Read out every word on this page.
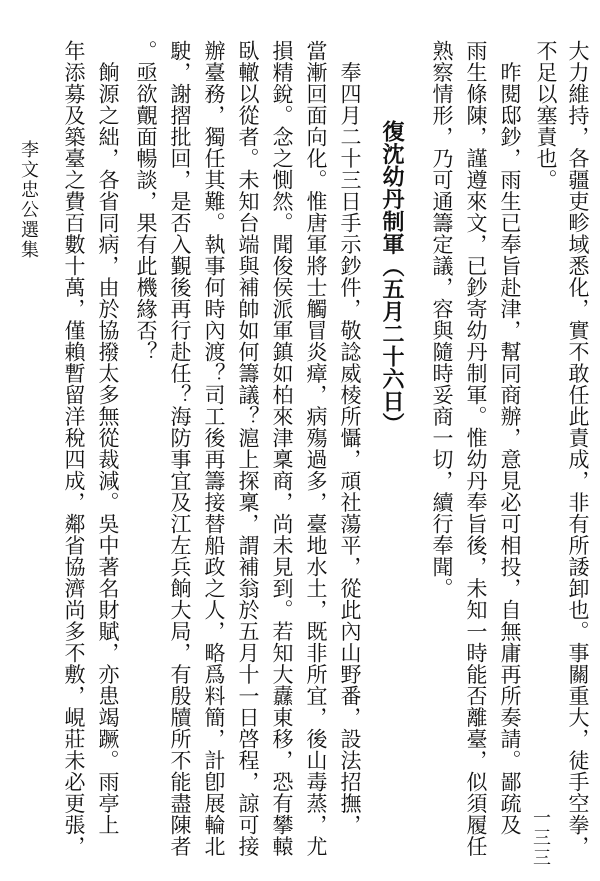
大力維持，各疆吏畛域悉化，實不敢任此責成，非有所諉卸也。事關重大，徒手空拳，
不足以塞責也。
　昨閱邸鈔，雨生已奉旨赴津，幫同商辦，意見必可相投，自無庸再所奏請。鄙疏及
雨生條陳，謹遵來文，已鈔寄幼丹制軍。惟幼丹奉旨後，未知一時能否離臺，似須履任
熟察情形，乃可通籌定議，容與隨時妥商一切，續行奉聞。
復沈幼丹制軍（五月二十六日）
　奉四月二十三日手示鈔件，敬諗威棱所懾，頑社蕩平，從此內山野番，設法招撫，
當漸回面向化。惟唐軍將士觸冒炎瘴，病殤過多，臺地水土，既非所宜，後山毒蒸，尤
損精銳。念之惻然。聞俊侯派軍鎮如柏來津稟商，尚未見到。若知大纛東移，恐有攀轅
臥轍以從者。未知台端與補帥如何籌議？滬上探稟，謂補翁於五月十一日啓程，諒可接
辦臺務，獨任其難。執事何時內渡？司工後再籌接替船政之人，略爲料簡，計卽展輪北
駛，謝摺批回，是否入覲後再行赴任？海防事宜及江左兵餉大局，有殷牘所不能盡陳者
。亟欲覿面暢談，果有此機緣否？
　餉源之絀，各省同病，由於協撥太多無從裁減。吳中著名財賦，亦患竭蹶。雨亭上
年添募及築臺之費百數十萬，僅賴暫留洋稅四成，鄰省協濟尚多不敷，峴莊未必更張，	一三三
李文忠公選集
